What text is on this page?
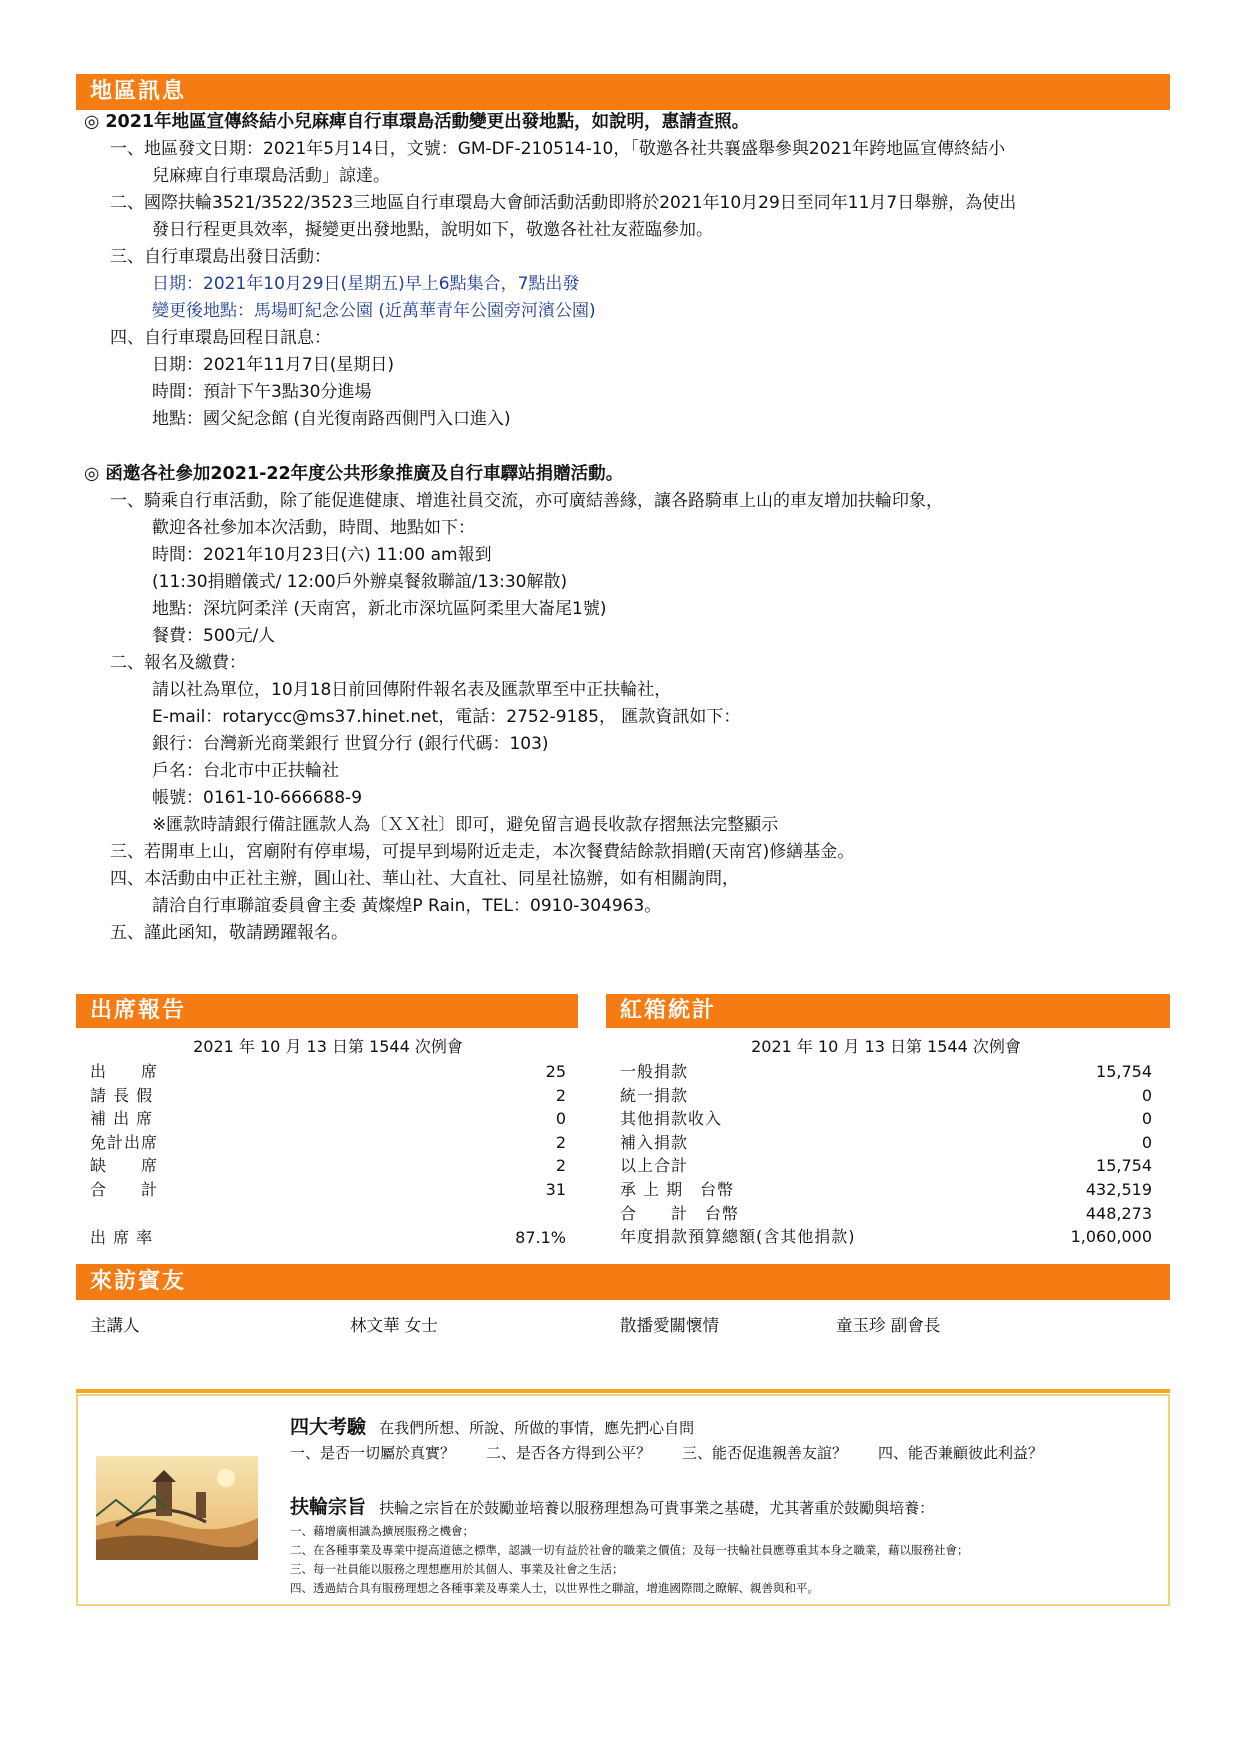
地區訊息
◎ 2021年地區宣傳終結小兒麻痺自行車環島活動變更出發地點，如說明，惠請查照。
一、地區發文日期：2021年5月14日，文號：GM-DF-210514-10，「敬邀各社共襄盛舉參與2021年跨地區宣傳終結小
兒麻痺自行車環島活動」諒達。
二、國際扶輪3521/3522/3523三地區自行車環島大會師活動活動即將於2021年10月29日至同年11月7日舉辦，為使出
發日行程更具效率，擬變更出發地點，說明如下，敬邀各社社友蒞臨參加。
三、自行車環島出發日活動：
日期：2021年10月29日(星期五)早上6點集合，7點出發
變更後地點：馬場町紀念公園 (近萬華青年公園旁河濱公園)
四、自行車環島回程日訊息：
日期：2021年11月7日(星期日)
時間：預計下午3點30分進場
地點：國父紀念館 (自光復南路西側門入口進入)
◎ 函邀各社參加2021-22年度公共形象推廣及自行車驛站捐贈活動。
一、騎乘自行車活動，除了能促進健康、增進社員交流，亦可廣結善緣，讓各路騎車上山的車友增加扶輪印象，
歡迎各社參加本次活動，時間、地點如下：
時間：2021年10月23日(六) 11:00 am報到
(11:30捐贈儀式/ 12:00戶外辦桌餐敘聯誼/13:30解散)
地點：深坑阿柔洋 (天南宮，新北市深坑區阿柔里大崙尾1號)
餐費：500元/人
二、報名及繳費：
請以社為單位，10月18日前回傳附件報名表及匯款單至中正扶輪社，
E-mail：rotarycc@ms37.hinet.net，電話：2752-9185， 匯款資訊如下：
銀行：台灣新光商業銀行 世貿分行 (銀行代碼：103)
戶名：台北市中正扶輪社
帳號：0161-10-666688-9
※匯款時請銀行備註匯款人為〔ＸＸ社〕即可，避免留言過長收款存摺無法完整顯示
三、若開車上山，宮廟附有停車場，可提早到場附近走走，本次餐費結餘款捐贈(天南宮)修繕基金。
四、本活動由中正社主辦，圓山社、華山社、大直社、同星社協辦，如有相關詢問，
請洽自行車聯誼委員會主委 黃燦煌P Rain，TEL：0910-304963。
五、謹此函知，敬請踴躍報名。
出席報告
2021 年 10 月 13 日第 1544 次例會
出　　席	25
請 長 假	2
補 出 席	0
免計出席	2
缺　　席	2
合　　計	31
出 席 率	87.1%
紅箱統計
2021 年 10 月 13 日第 1544 次例會
一般捐款	15,754
統一捐款	0
其他捐款收入	0
補入捐款	0
以上合計	15,754
承 上 期　台幣	432,519
合　　計　台幣	448,273
年度捐款預算總額(含其他捐款)	1,060,000
來訪賓友
主講人	林文華 女士	散播愛關懷情	童玉珍 副會長
四大考驗 在我們所想、所說、所做的事情，應先捫心自問
一、是否一切屬於真實？ 二、是否各方得到公平？ 三、能否促進親善友誼？ 四、能否兼顧彼此利益？
扶輪宗旨 扶輪之宗旨在於鼓勵並培養以服務理想為可貴事業之基礎，尤其著重於鼓勵與培養：
一、藉增廣相識為擴展服務之機會；
二、在各種事業及專業中提高道德之標準，認識一切有益於社會的職業之價值；及每一扶輪社員應尊重其本身之職業，藉以服務社會；
三、每一社員能以服務之理想應用於其個人、事業及社會之生活；
四、透過結合具有服務理想之各種事業及專業人士，以世界性之聯誼，增進國際間之瞭解、親善與和平。
